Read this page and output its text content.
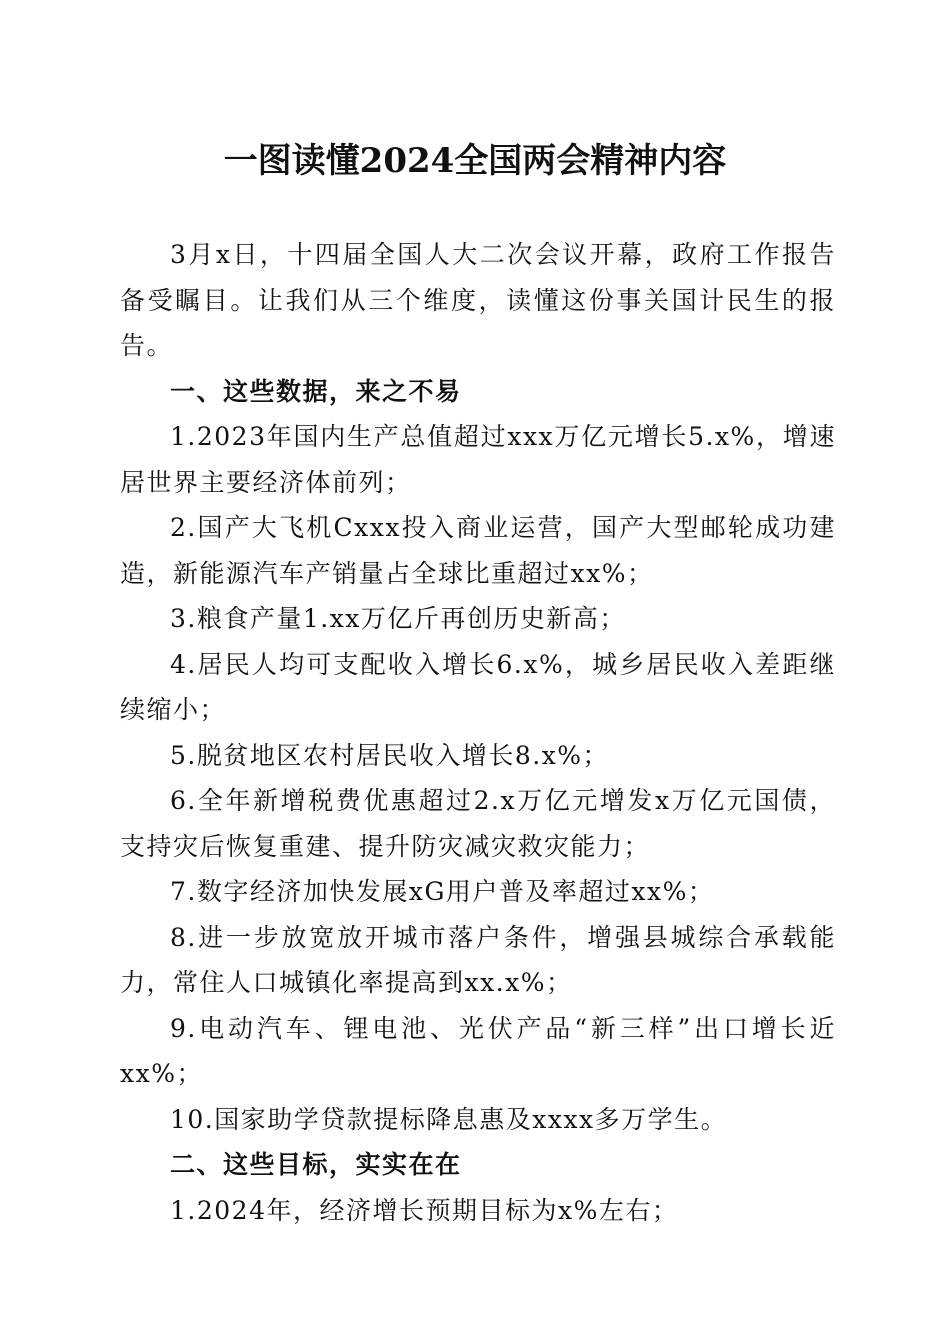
一图读懂2024全国两会精神内容

3月x日，十四届全国人大二次会议开幕，政府工作报告备受瞩目。让我们从三个维度，读懂这份事关国计民生的报告。

一、这些数据，来之不易

1.2023年国内生产总值超过xxx万亿元增长5.x%，增速居世界主要经济体前列；

2.国产大飞机Cxxx投入商业运营，国产大型邮轮成功建造，新能源汽车产销量占全球比重超过xx%；

3.粮食产量1.xx万亿斤再创历史新高；

4.居民人均可支配收入增长6.x%，城乡居民收入差距继续缩小；

5.脱贫地区农村居民收入增长8.x%；

6.全年新增税费优惠超过2.x万亿元增发x万亿元国债，支持灾后恢复重建、提升防灾减灾救灾能力；

7.数字经济加快发展xG用户普及率超过xx%；

8.进一步放宽放开城市落户条件，增强县城综合承载能力，常住人口城镇化率提高到xx.x%；

9.电动汽车、锂电池、光伏产品“新三样”出口增长近xx%；

10.国家助学贷款提标降息惠及xxxx多万学生。

二、这些目标，实实在在

1.2024年，经济增长预期目标为x%左右；
